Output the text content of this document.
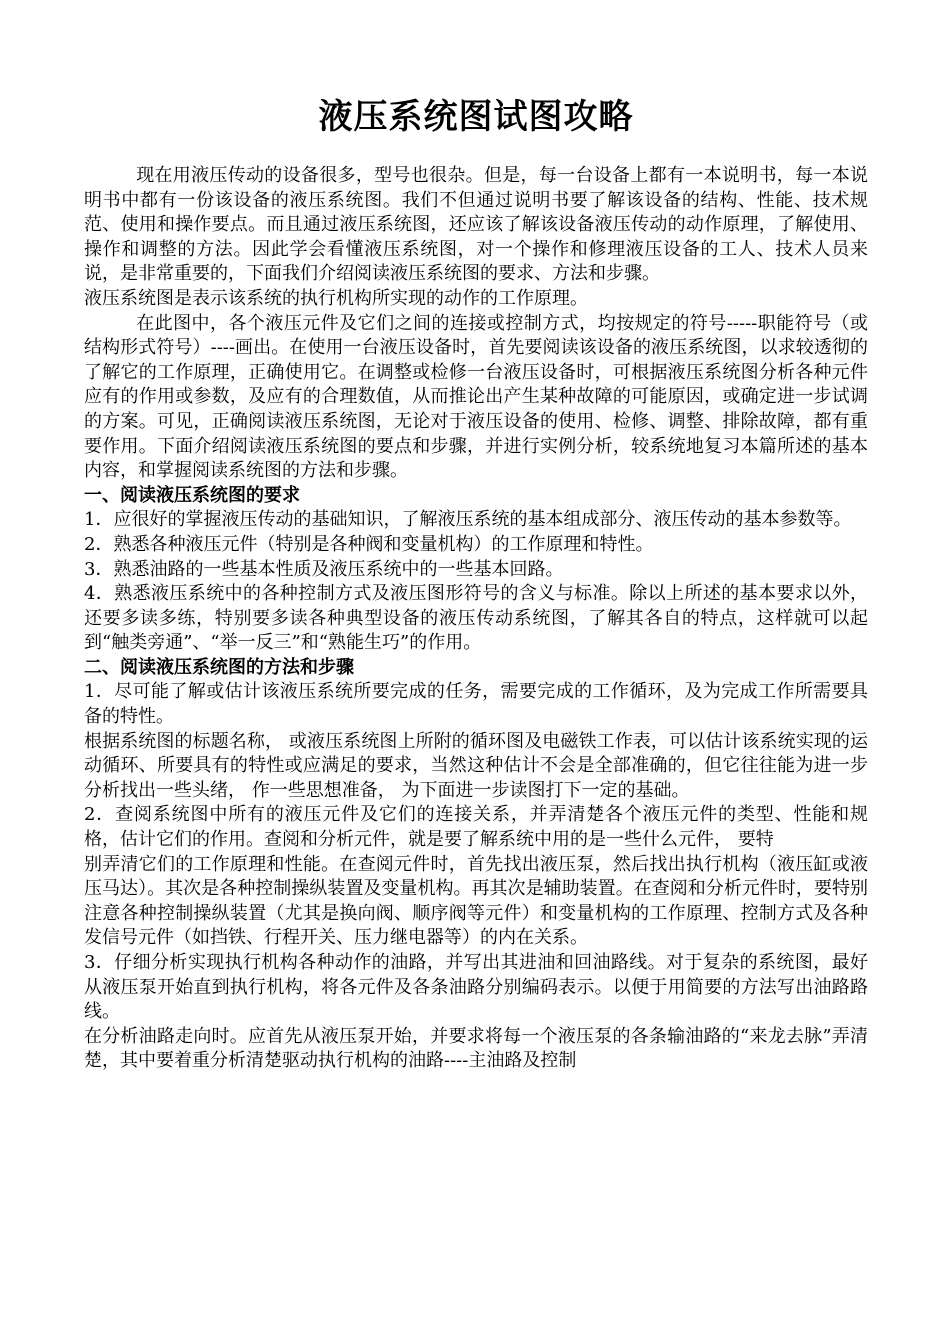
液压系统图试图攻略

现在用液压传动的设备很多，型号也很杂。但是，每一台设备上都有一本说明书，每一本说明书中都有一份该设备的液压系统图。我们不但通过说明书要了解该设备的结构、性能、技术规范、使用和操作要点。而且通过液压系统图，还应该了解该设备液压传动的动作原理，了解使用、操作和调整的方法。因此学会看懂液压系统图，对一个操作和修理液压设备的工人、技术人员来说，是非常重要的，下面我们介绍阅读液压系统图的要求、方法和步骤。

液压系统图是表示该系统的执行机构所实现的动作的工作原理。

在此图中，各个液压元件及它们之间的连接或控制方式，均按规定的符号-----职能符号（或结构形式符号）----画出。在使用一台液压设备时，首先要阅读该设备的液压系统图，以求较透彻的了解它的工作原理，正确使用它。在调整或检修一台液压设备时，可根据液压系统图分析各种元件应有的作用或参数，及应有的合理数值，从而推论出产生某种故障的可能原因，或确定进一步试调的方案。可见，正确阅读液压系统图，无论对于液压设备的使用、检修、调整、排除故障，都有重要作用。下面介绍阅读液压系统图的要点和步骤，并进行实例分析，较系统地复习本篇所述的基本内容，和掌握阅读系统图的方法和步骤。

一、阅读液压系统图的要求

1．应很好的掌握液压传动的基础知识，了解液压系统的基本组成部分、液压传动的基本参数等。

2．熟悉各种液压元件（特别是各种阀和变量机构）的工作原理和特性。

3．熟悉油路的一些基本性质及液压系统中的一些基本回路。

4．熟悉液压系统中的各种控制方式及液压图形符号的含义与标准。除以上所述的基本要求以外，还要多读多练，特别要多读各种典型设备的液压传动系统图，了解其各自的特点，这样就可以起到“触类旁通”、“举一反三”和“熟能生巧”的作用。

二、阅读液压系统图的方法和步骤

1．尽可能了解或估计该液压系统所要完成的任务，需要完成的工作循环，及为完成工作所需要具备的特性。

根据系统图的标题名称， 或液压系统图上所附的循环图及电磁铁工作表，可以估计该系统实现的运动循环、所要具有的特性或应满足的要求，当然这种估计不会是全部准确的，但它往往能为进一步分析找出一些头绪， 作一些思想准备， 为下面进一步读图打下一定的基础。

2．查阅系统图中所有的液压元件及它们的连接关系，并弄清楚各个液压元件的类型、性能和规格，估计它们的作用。查阅和分析元件，就是要了解系统中用的是一些什么元件， 要特

别弄清它们的工作原理和性能。在查阅元件时，首先找出液压泵，然后找出执行机构（液压缸或液压马达）。其次是各种控制操纵装置及变量机构。再其次是辅助装置。在查阅和分析元件时，要特别注意各种控制操纵装置（尤其是换向阀、顺序阀等元件）和变量机构的工作原理、控制方式及各种发信号元件（如挡铁、行程开关、压力继电器等）的内在关系。

3．仔细分析实现执行机构各种动作的油路，并写出其进油和回油路线。对于复杂的系统图，最好从液压泵开始直到执行机构，将各元件及各条油路分别编码表示。以便于用简要的方法写出油路路线。

在分析油路走向时。应首先从液压泵开始，并要求将每一个液压泵的各条输油路的“来龙去脉”弄清楚，其中要着重分析清楚驱动执行机构的油路----主油路及控制
